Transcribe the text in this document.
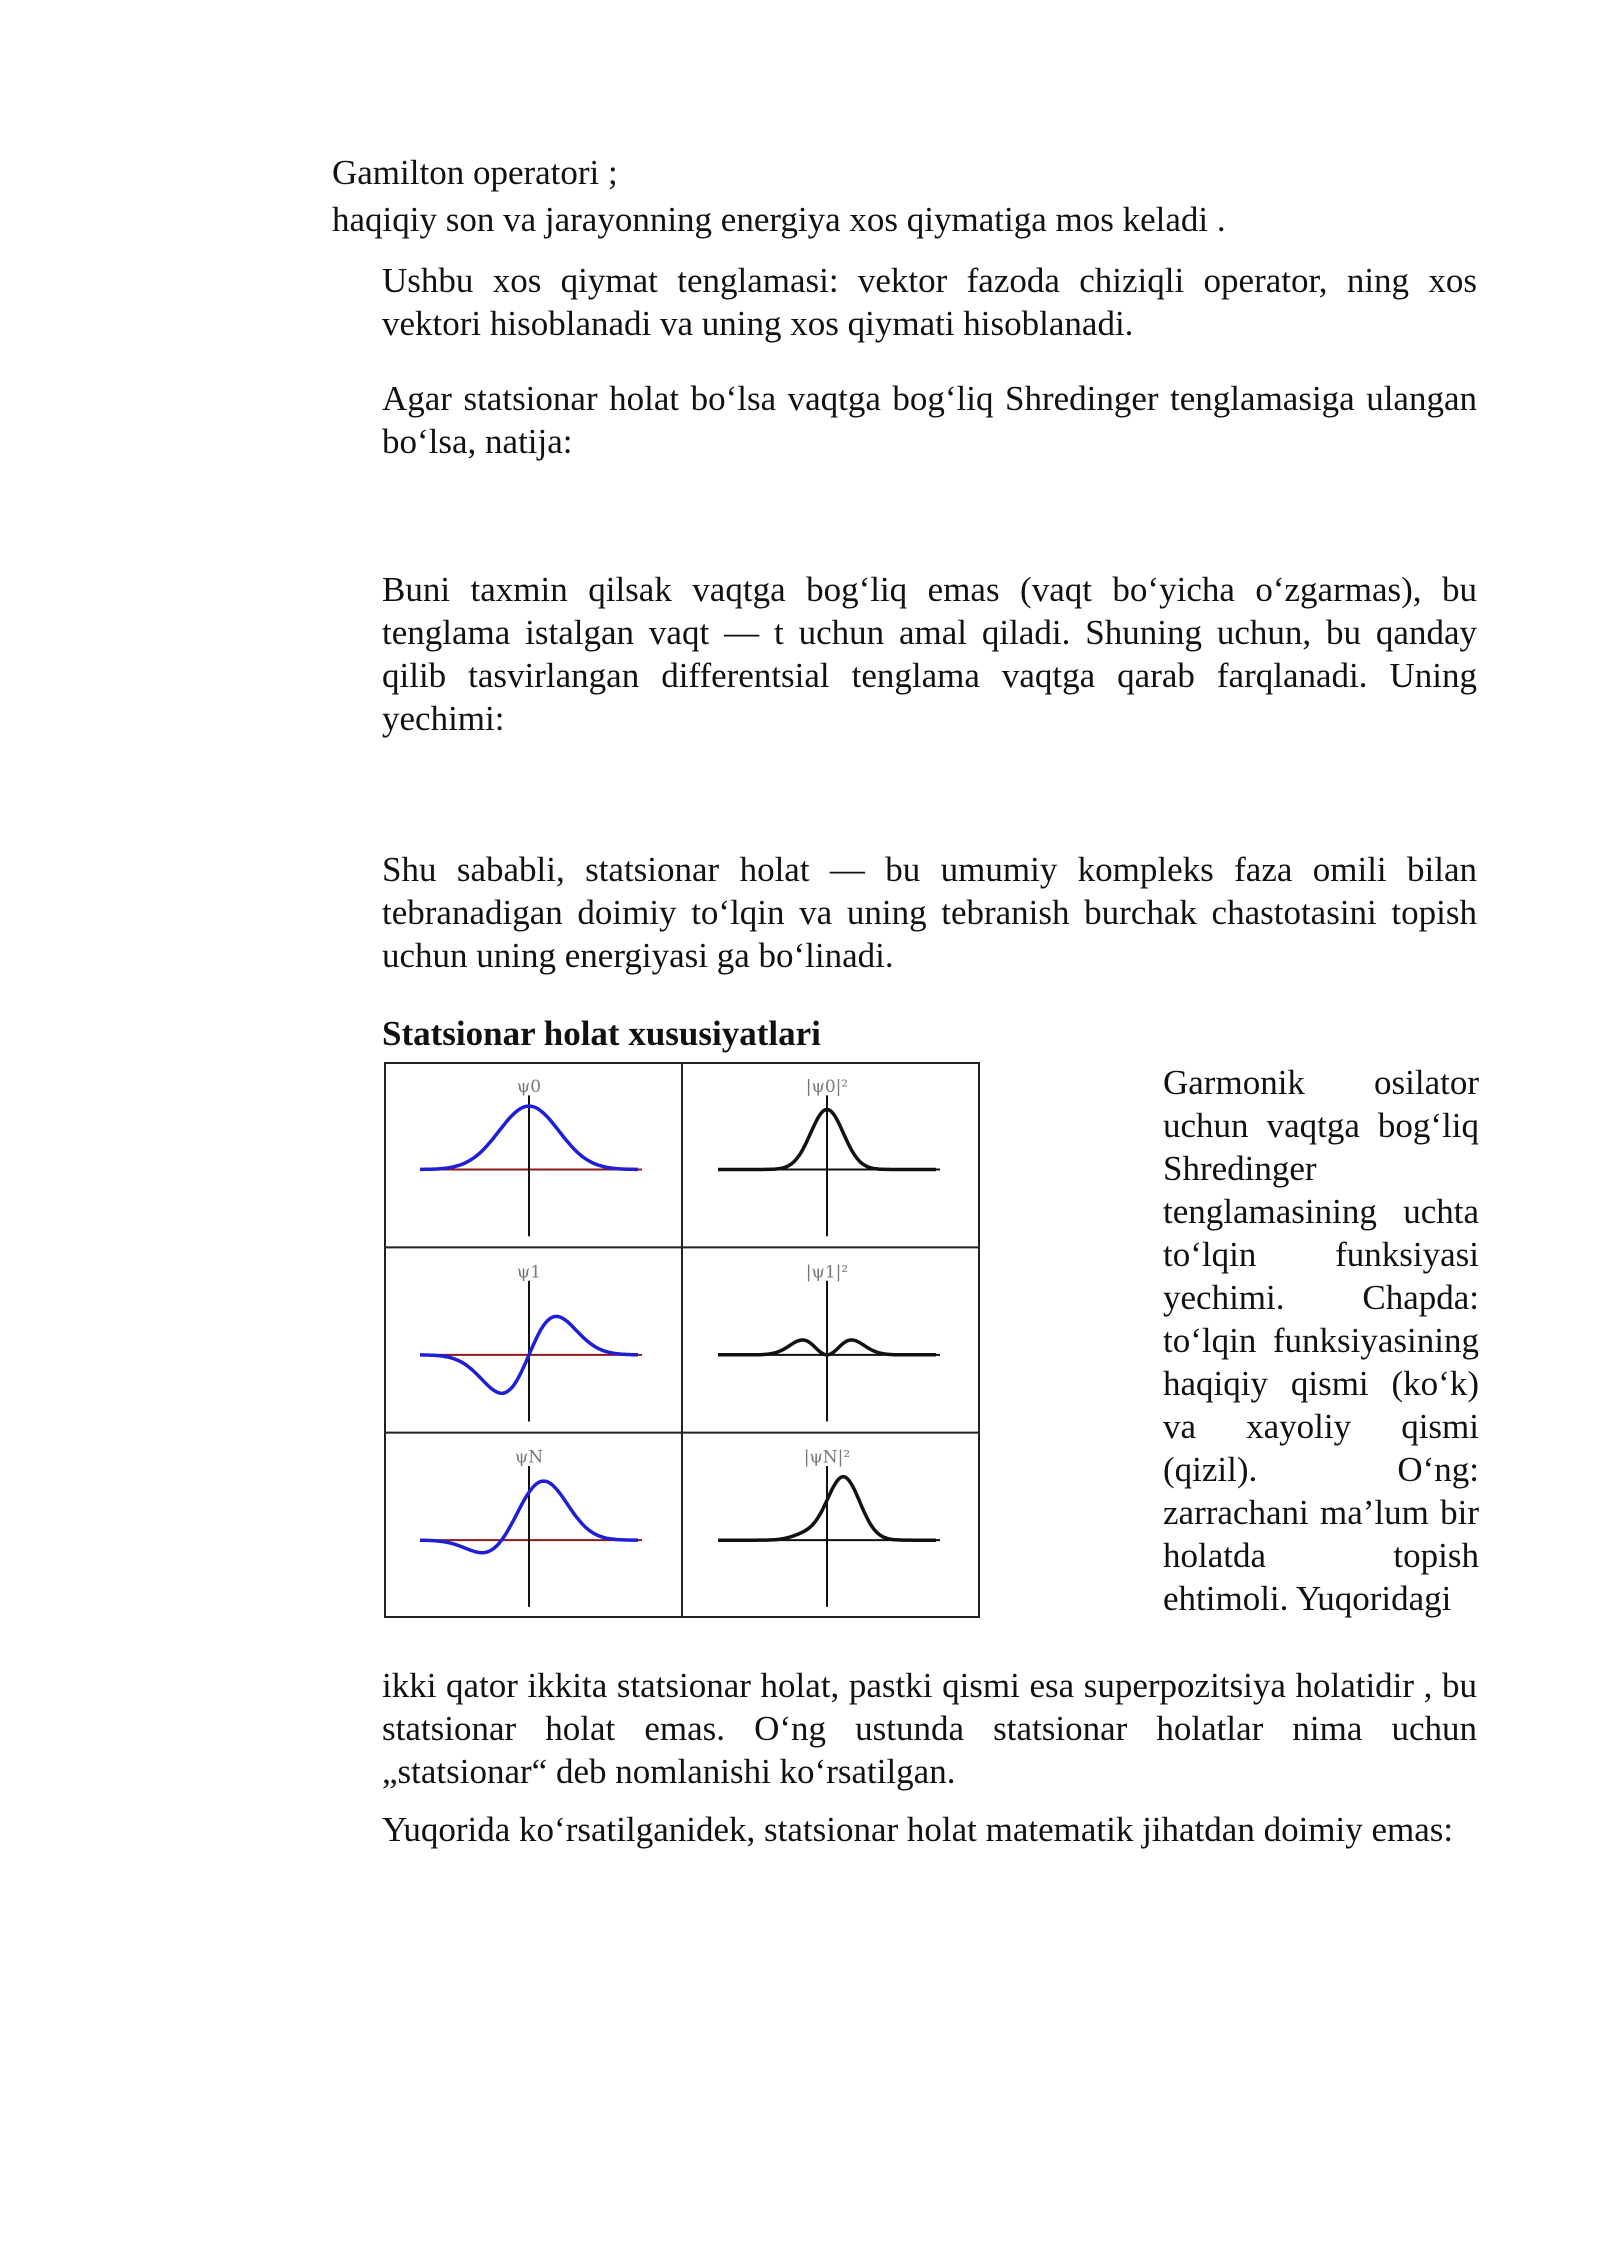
Gamilton operatori ;
haqiqiy son va jarayonning energiya xos qiymatiga mos keladi .

Ushbu xos qiymat tenglamasi: vektor fazoda chiziqli operator, ning xos vektori hisoblanadi va uning xos qiymati hisoblanadi.

Agar statsionar holat bo‘lsa vaqtga bog‘liq Shredinger tenglamasiga ulangan bo‘lsa, natija:

Buni taxmin qilsak vaqtga bog‘liq emas (vaqt bo‘yicha o‘zgarmas), bu tenglama istalgan vaqt — t uchun amal qiladi. Shuning uchun, bu qanday qilib tasvirlangan differentsial tenglama vaqtga qarab farqlanadi. Uning yechimi:

Shu sababli, statsionar holat — bu umumiy kompleks faza omili bilan tebranadigan doimiy to‘lqin va uning tebranish burchak chastotasini topish uchun uning energiyasi ga bo‘linadi.

Statsionar holat xususiyatlari
ψ0	|ψ0|²
ψ1	|ψ1|²
ψN	|ψN|²
Garmonik osilator uchun vaqtga bog‘liq Shredinger tenglamasining uchta to‘lqin funksiyasi yechimi. Chapda: to‘lqin funksiyasining haqiqiy qismi (ko‘k) va xayoliy qismi (qizil). O‘ng: zarrachani ma’lum bir holatda topish ehtimoli. Yuqoridagi
ikki qator ikkita statsionar holat, pastki qismi esa superpozitsiya holatidir , bu statsionar holat emas. O‘ng ustunda statsionar holatlar nima uchun „statsionar“ deb nomlanishi ko‘rsatilgan.
Yuqorida ko‘rsatilganidek, statsionar holat matematik jihatdan doimiy emas:
